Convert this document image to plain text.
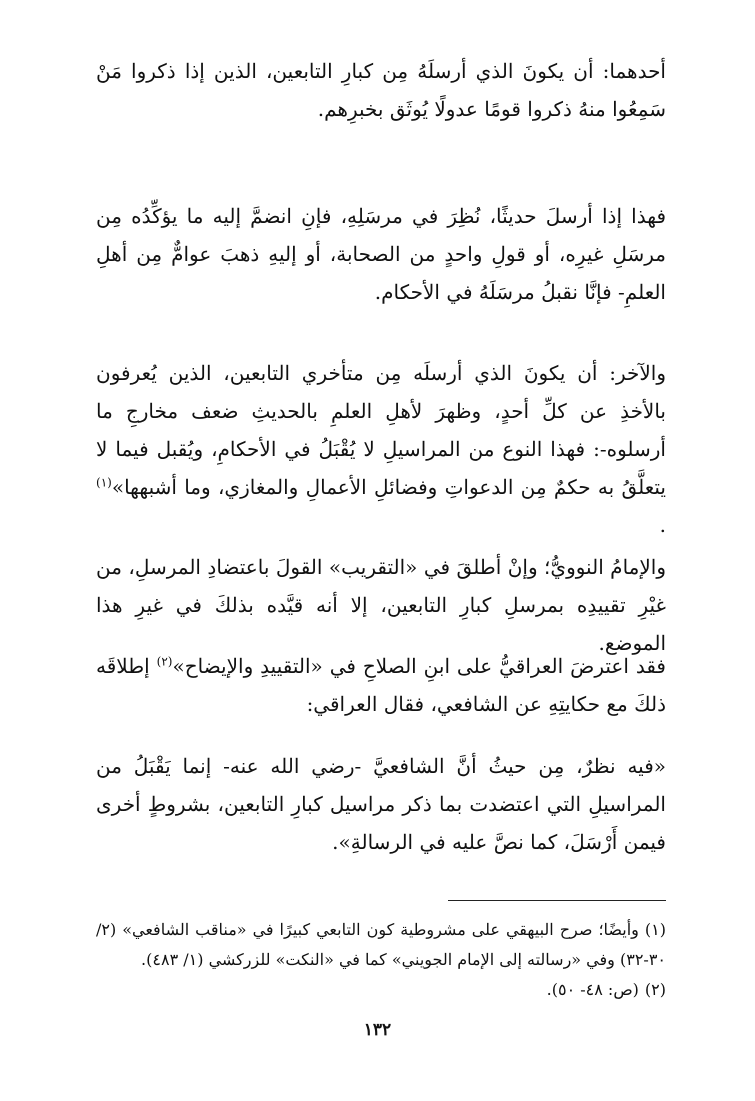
أحدهما: أن يكونَ الذي أرسلَهُ مِن كبارِ التابعين، الذين إذا ذكروا مَنْ سَمِعُوا منهُ ذكروا قومًا عدولًا يُوثَق بخبرِهم.

فهذا إذا أرسلَ حديثًا، نُظِرَ في مرسَلِهِ، فإنِ انضمَّ إليه ما يؤكِّدُه مِن مرسَلِ غيرِه، أو قولِ واحدٍ من الصحابة، أو إليهِ ذهبَ عوامٌّ مِن أهلِ العلمِ- فإنَّا نقبلُ مرسَلَهُ في الأحكام.

والآخر: أن يكونَ الذي أرسلَه مِن متأخري التابعين، الذين يُعرفون بالأخذِ عن كلِّ أحدٍ، وظهرَ لأهلِ العلمِ بالحديثِ ضعف مخارجِ ما أرسلوه-: فهذا النوع من المراسيلِ لا يُقْبَلُ في الأحكامِ، ويُقبل فيما لا يتعلَّقُ به حكمٌ مِن الدعواتِ وفضائلِ الأعمالِ والمغازي، وما أشبهها»$^{(١)}$ .

والإمامُ النوويُّ؛ وإنْ أطلقَ في «التقريب» القولَ باعتضادِ المرسلِ، من غيْرِ تقييدِه بمرسلِ كبارِ التابعين، إلا أنه قيَّده بذلكَ في غيرِ هذا الموضع.

فقد اعترضَ العراقيُّ على ابنِ الصلاحِ في «التقييدِ والإيضاح»$^{(٢)}$ إطلاقَه ذلكَ مع حكايتِهِ عن الشافعي، فقال العراقي:

«فيه نظرٌ، مِن حيثُ أنَّ الشافعيَّ -رضي الله عنه- إنما يَقْبَلُ من المراسيلِ التي اعتضدت بما ذكر مراسيل كبارِ التابعين، بشروطٍ أخرى فيمن أَرْسَلَ، كما نصَّ عليه في الرسالةِ».

(١)وأيضًا؛ صرح البيهقي على مشروطية كون التابعي كبيرًا في «مناقب الشافعي» (٢/ ٣٠-٣٢) وفي «رسالته إلى الإمام الجويني» كما في «النكت» للزركشي (١/ ٤٨٣).

(٢)(ص: ٤٨- ٥٠).

١٣٢
